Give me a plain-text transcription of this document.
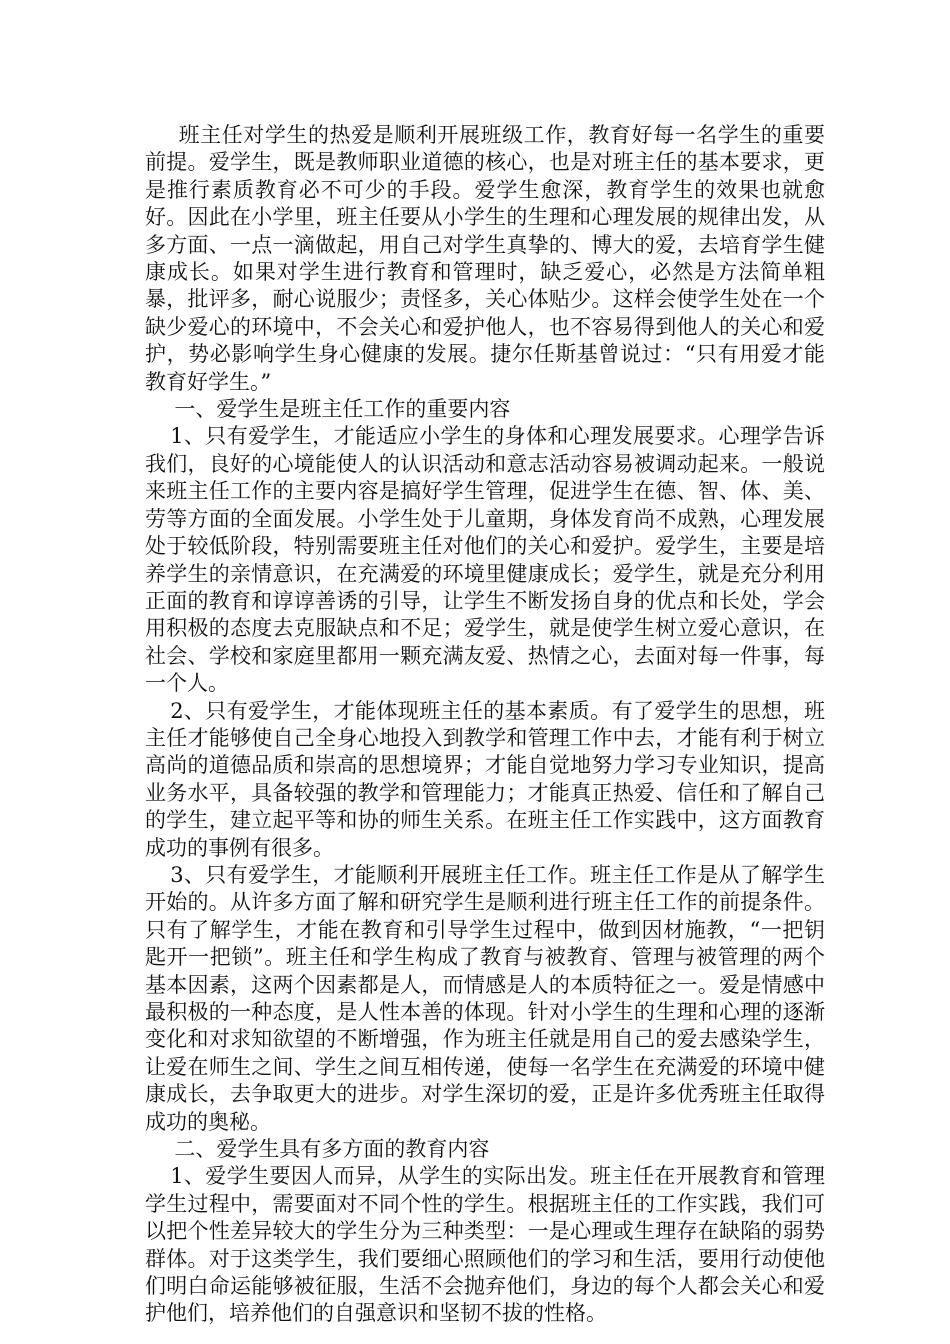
班主任对学生的热爱是顺利开展班级工作，教育好每一名学生的重要前提。爱学生，既是教师职业道德的核心，也是对班主任的基本要求，更是推行素质教育必不可少的手段。爱学生愈深，教育学生的效果也就愈好。因此在小学里，班主任要从小学生的生理和心理发展的规律出发，从多方面、一点一滴做起，用自己对学生真挚的、博大的爱，去培育学生健康成长。如果对学生进行教育和管理时，缺乏爱心，必然是方法简单粗暴，批评多，耐心说服少；责怪多，关心体贴少。这样会使学生处在一个缺少爱心的环境中，不会关心和爱护他人，也不容易得到他人的关心和爱护，势必影响学生身心健康的发展。捷尔任斯基曾说过：“只有用爱才能教育好学生。”

一、爱学生是班主任工作的重要内容

1、只有爱学生，才能适应小学生的身体和心理发展要求。心理学告诉我们，良好的心境能使人的认识活动和意志活动容易被调动起来。一般说来班主任工作的主要内容是搞好学生管理，促进学生在德、智、体、美、劳等方面的全面发展。小学生处于儿童期，身体发育尚不成熟，心理发展处于较低阶段，特别需要班主任对他们的关心和爱护。爱学生，主要是培养学生的亲情意识，在充满爱的环境里健康成长；爱学生，就是充分利用正面的教育和谆谆善诱的引导，让学生不断发扬自身的优点和长处，学会用积极的态度去克服缺点和不足；爱学生，就是使学生树立爱心意识，在社会、学校和家庭里都用一颗充满友爱、热情之心，去面对每一件事，每一个人。

2、只有爱学生，才能体现班主任的基本素质。有了爱学生的思想，班主任才能够使自己全身心地投入到教学和管理工作中去，才能有利于树立高尚的道德品质和崇高的思想境界；才能自觉地努力学习专业知识，提高业务水平，具备较强的教学和管理能力；才能真正热爱、信任和了解自己的学生，建立起平等和协的师生关系。在班主任工作实践中，这方面教育成功的事例有很多。

3、只有爱学生，才能顺利开展班主任工作。班主任工作是从了解学生开始的。从许多方面了解和研究学生是顺利进行班主任工作的前提条件。只有了解学生，才能在教育和引导学生过程中，做到因材施教，“一把钥匙开一把锁”。班主任和学生构成了教育与被教育、管理与被管理的两个基本因素，这两个因素都是人，而情感是人的本质特征之一。爱是情感中最积极的一种态度，是人性本善的体现。针对小学生的生理和心理的逐渐变化和对求知欲望的不断增强，作为班主任就是用自己的爱去感染学生，让爱在师生之间、学生之间互相传递，使每一名学生在充满爱的环境中健康成长，去争取更大的进步。对学生深切的爱，正是许多优秀班主任取得成功的奥秘。

二、爱学生具有多方面的教育内容

1、爱学生要因人而异，从学生的实际出发。班主任在开展教育和管理学生过程中，需要面对不同个性的学生。根据班主任的工作实践，我们可以把个性差异较大的学生分为三种类型：一是心理或生理存在缺陷的弱势群体。对于这类学生，我们要细心照顾他们的学习和生活，要用行动使他们明白命运能够被征服，生活不会抛弃他们，身边的每个人都会关心和爱护他们，培养他们的自强意识和坚韧不拔的性格。
